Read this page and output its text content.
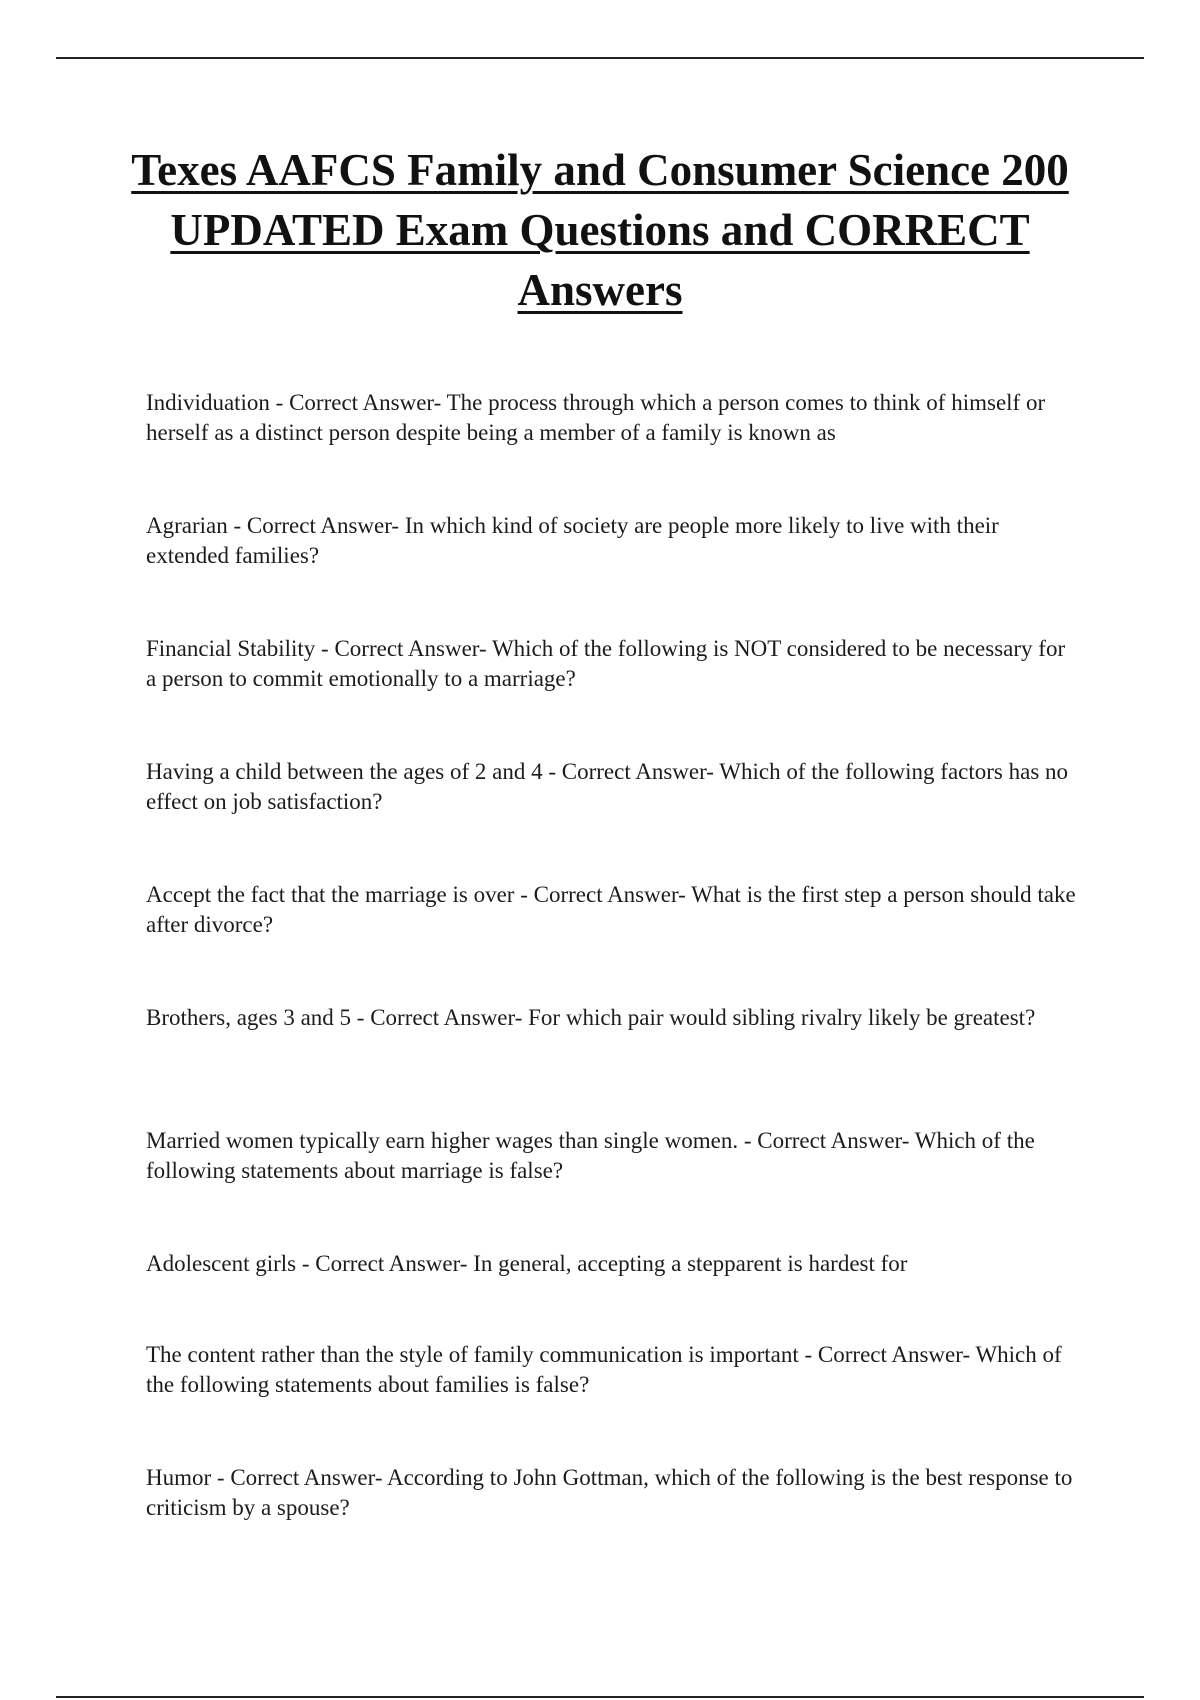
Texes AAFCS Family and Consumer Science 200 UPDATED Exam Questions and CORRECT Answers
Individuation - Correct Answer- The process through which a person comes to think of himself or herself as a distinct person despite being a member of a family is known as
Agrarian - Correct Answer- In which kind of society are people more likely to live with their extended families?
Financial Stability - Correct Answer- Which of the following is NOT considered to be necessary for a person to commit emotionally to a marriage?
Having a child between the ages of 2 and 4 - Correct Answer- Which of the following factors has no effect on job satisfaction?
Accept the fact that the marriage is over - Correct Answer- What is the first step a person should take after divorce?
Brothers, ages 3 and 5 - Correct Answer- For which pair would sibling rivalry likely be greatest?
Married women typically earn higher wages than single women. - Correct Answer- Which of the following statements about marriage is false?
Adolescent girls - Correct Answer- In general, accepting a stepparent is hardest for
The content rather than the style of family communication is important - Correct Answer- Which of the following statements about families is false?
Humor - Correct Answer- According to John Gottman, which of the following is the best response to criticism by a spouse?
